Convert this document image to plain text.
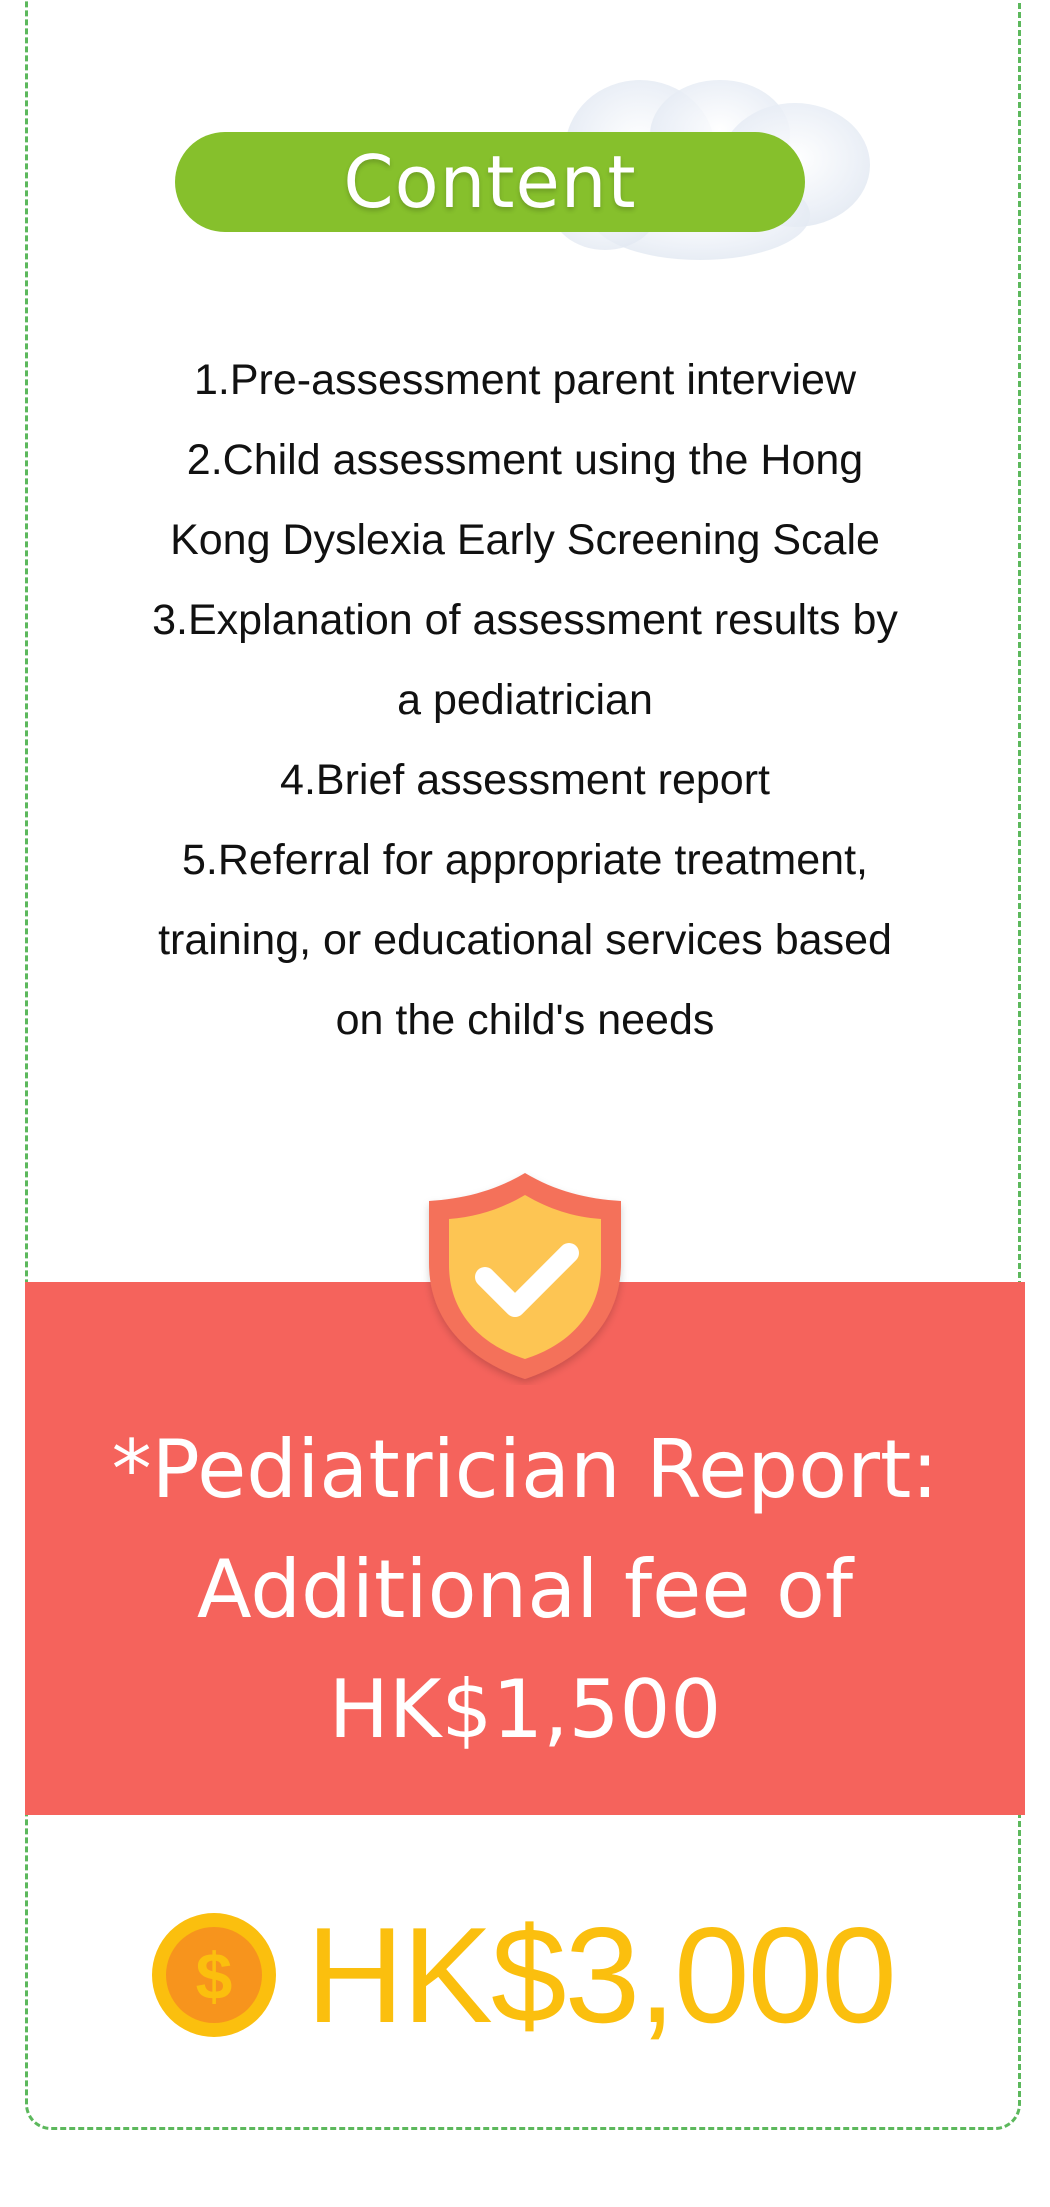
Content
1.Pre-assessment parent interview
2.Child assessment using the Hong
Kong Dyslexia Early Screening Scale
3.Explanation of assessment results by
a pediatrician
4.Brief assessment report
5.Referral for appropriate treatment,
training, or educational services based
on the child's needs
*Pediatrician Report:
Additional fee of
HK$1,500
$ HK$3,000
